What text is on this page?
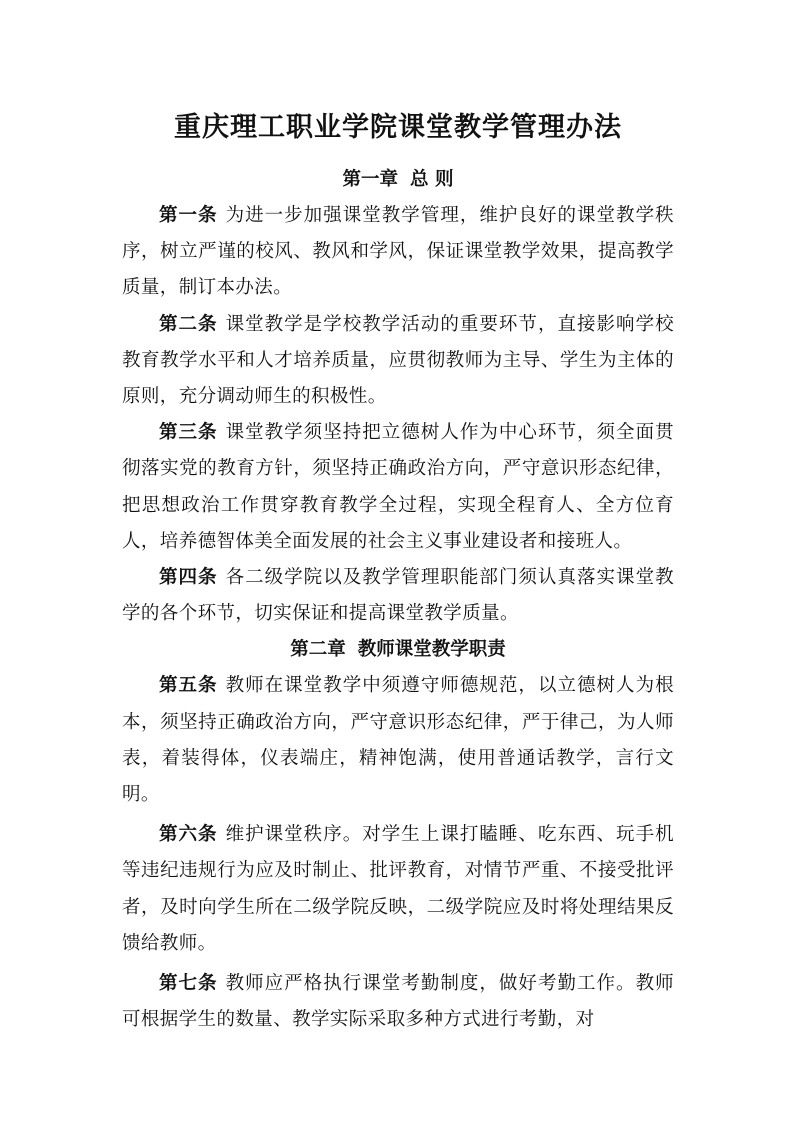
重庆理工职业学院课堂教学管理办法
第一章 总 则

第一条 为进一步加强课堂教学管理，维护良好的课堂教学秩序，树立严谨的校风、教风和学风，保证课堂教学效果，提高教学质量，制订本办法。

第二条 课堂教学是学校教学活动的重要环节，直接影响学校教育教学水平和人才培养质量，应贯彻教师为主导、学生为主体的原则，充分调动师生的积极性。

第三条 课堂教学须坚持把立德树人作为中心环节，须全面贯彻落实党的教育方针，须坚持正确政治方向，严守意识形态纪律，把思想政治工作贯穿教育教学全过程，实现全程育人、全方位育人，培养德智体美全面发展的社会主义事业建设者和接班人。

第四条 各二级学院以及教学管理职能部门须认真落实课堂教学的各个环节，切实保证和提高课堂教学质量。

第二章 教师课堂教学职责

第五条 教师在课堂教学中须遵守师德规范，以立德树人为根本，须坚持正确政治方向，严守意识形态纪律，严于律己，为人师表，着装得体，仪表端庄，精神饱满，使用普通话教学，言行文明。

第六条 维护课堂秩序。对学生上课打瞌睡、吃东西、玩手机等违纪违规行为应及时制止、批评教育，对情节严重、不接受批评者，及时向学生所在二级学院反映，二级学院应及时将处理结果反馈给教师。

第七条 教师应严格执行课堂考勤制度，做好考勤工作。教师可根据学生的数量、教学实际采取多种方式进行考勤，对
